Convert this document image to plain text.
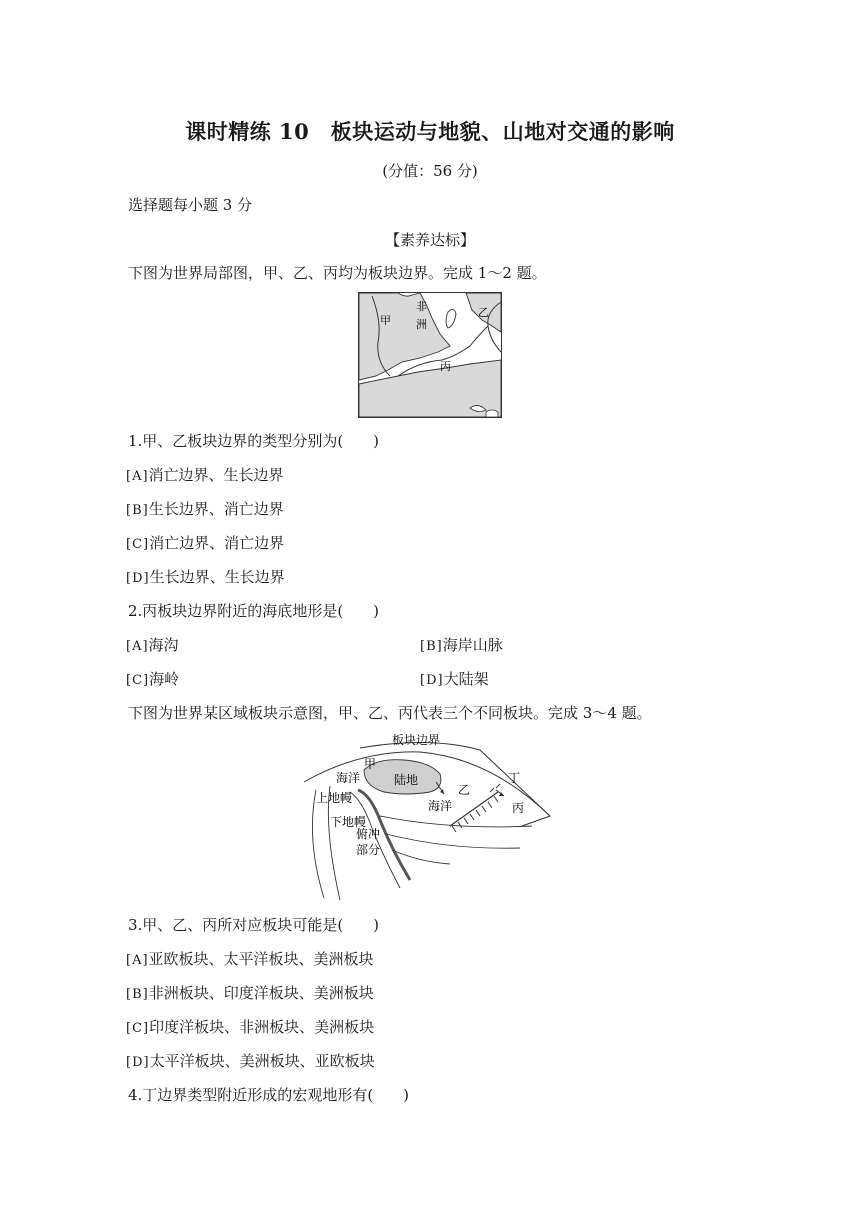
课时精练 10　板块运动与地貌、山地对交通的影响
(分值：56 分)
选择题每小题 3 分
【素养达标】
下图为世界局部图，甲、乙、丙均为板块边界。完成 1～2 题。
甲
非
洲
乙
丙
1.甲、乙板块边界的类型分别为(　　)
[A]消亡边界、生长边界
[B]生长边界、消亡边界
[C]消亡边界、消亡边界
[D]生长边界、生长边界
2.丙板块边界附近的海底地形是(　　)
[A]海沟	[B]海岸山脉
[C]海岭	[D]大陆架
下图为世界某区域板块示意图，甲、乙、丙代表三个不同板块。完成 3～4 题。
板块边界
甲
海洋	陆地
上地幔
下地幔
乙
海洋
丁
丙
俯冲
部分
3.甲、乙、丙所对应板块可能是(　　)
[A]亚欧板块、太平洋板块、美洲板块
[B]非洲板块、印度洋板块、美洲板块
[C]印度洋板块、非洲板块、美洲板块
[D]太平洋板块、美洲板块、亚欧板块
4.丁边界类型附近形成的宏观地形有(　　)
